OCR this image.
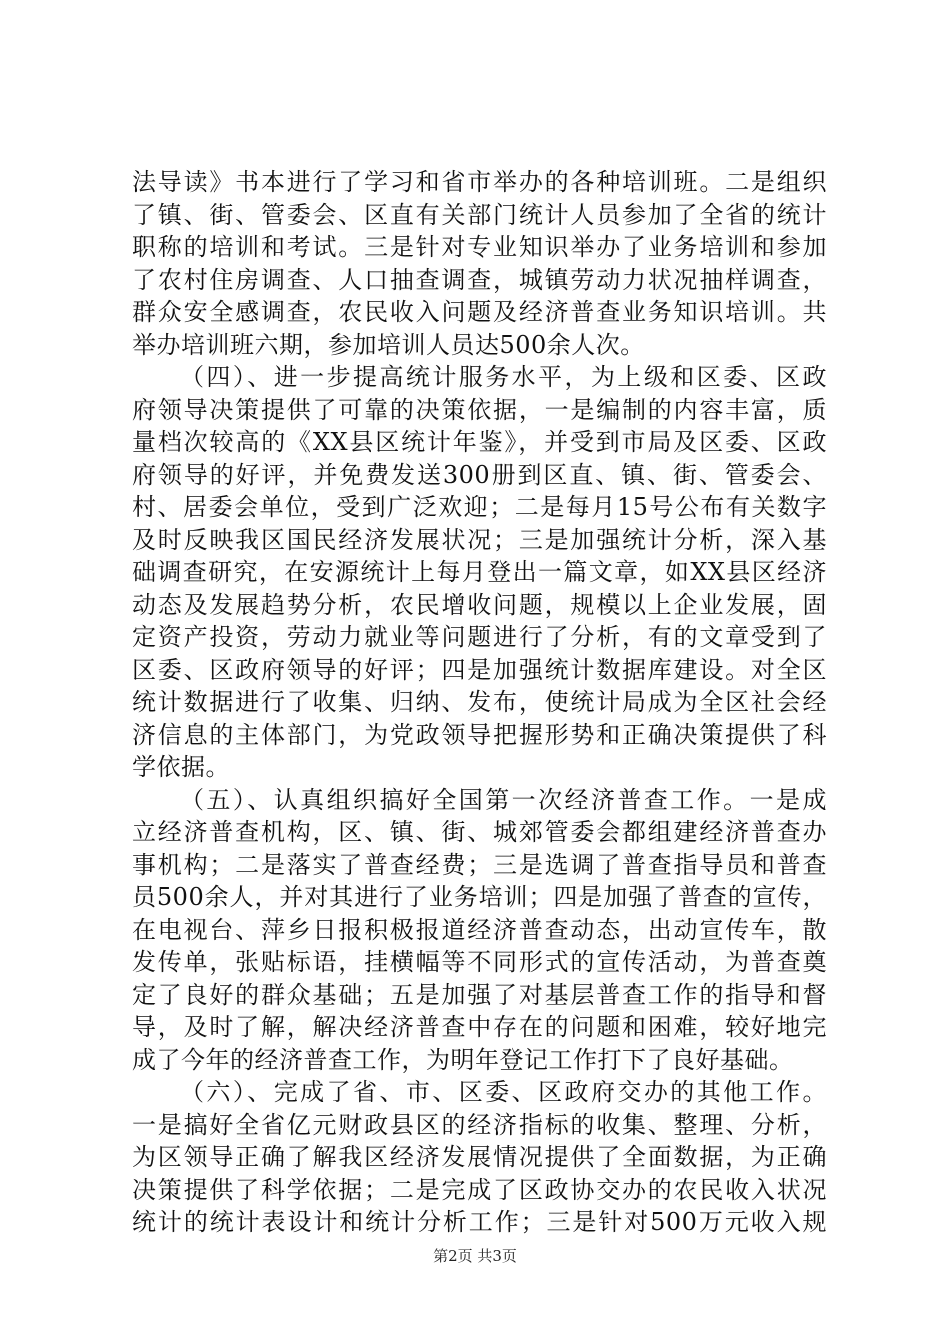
法导读》书本进行了学习和省市举办的各种培训班。二是组织
了镇、街、管委会、区直有关部门统计人员参加了全省的统计
职称的培训和考试。三是针对专业知识举办了业务培训和参加
了农村住房调查、人口抽查调查，城镇劳动力状况抽样调查，
群众安全感调查，农民收入问题及经济普查业务知识培训。共
举办培训班六期，参加培训人员达500余人次。
（四）、进一步提高统计服务水平，为上级和区委、区政
府领导决策提供了可靠的决策依据，一是编制的内容丰富，质
量档次较高的《XX县区统计年鉴》，并受到市局及区委、区政
府领导的好评，并免费发送300册到区直、镇、街、管委会、
村、居委会单位，受到广泛欢迎；二是每月15号公布有关数字
及时反映我区国民经济发展状况；三是加强统计分析，深入基
础调查研究，在安源统计上每月登出一篇文章，如XX县区经济
动态及发展趋势分析，农民增收问题，规模以上企业发展，固
定资产投资，劳动力就业等问题进行了分析，有的文章受到了
区委、区政府领导的好评；四是加强统计数据库建设。对全区
统计数据进行了收集、归纳、发布，使统计局成为全区社会经
济信息的主体部门，为党政领导把握形势和正确决策提供了科
学依据。
（五）、认真组织搞好全国第一次经济普查工作。一是成
立经济普查机构，区、镇、街、城郊管委会都组建经济普查办
事机构；二是落实了普查经费；三是选调了普查指导员和普查
员500余人，并对其进行了业务培训；四是加强了普查的宣传，
在电视台、萍乡日报积极报道经济普查动态，出动宣传车，散
发传单，张贴标语，挂横幅等不同形式的宣传活动，为普查奠
定了良好的群众基础；五是加强了对基层普查工作的指导和督
导，及时了解，解决经济普查中存在的问题和困难，较好地完
成了今年的经济普查工作，为明年登记工作打下了良好基础。
（六）、完成了省、市、区委、区政府交办的其他工作。
一是搞好全省亿元财政县区的经济指标的收集、整理、分析，
为区领导正确了解我区经济发展情况提供了全面数据，为正确
决策提供了科学依据；二是完成了区政协交办的农民收入状况
统计的统计表设计和统计分析工作；三是针对500万元收入规
第2页 共3页
